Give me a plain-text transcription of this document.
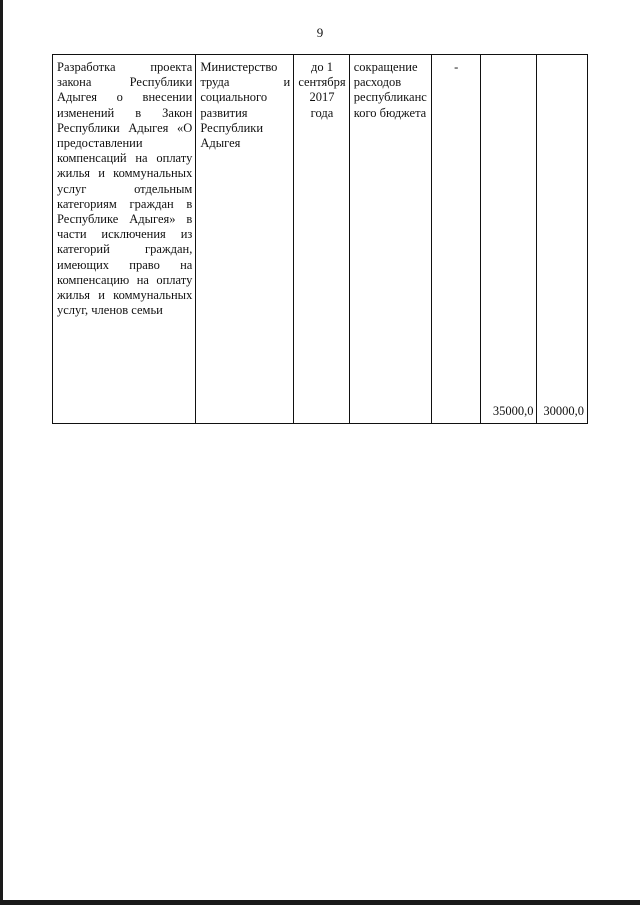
9
Разработка проекта закона Республики Адыгея о внесении изменений в Закон Республики Адыгея «О предоставлении компенсаций на оплату жилья и коммунальных услуг отдельным категориям граждан в Республике Адыгея» в части исключения из категорий граждан, имеющих право на компенсацию на оплату жилья и коммунальных услуг, членов семьи	Министерство труда и социального развития Республики Адыгея	до 1 сентября 2017 года	сокращение расходов республиканского бюджета	-	35000,0	30000,0
